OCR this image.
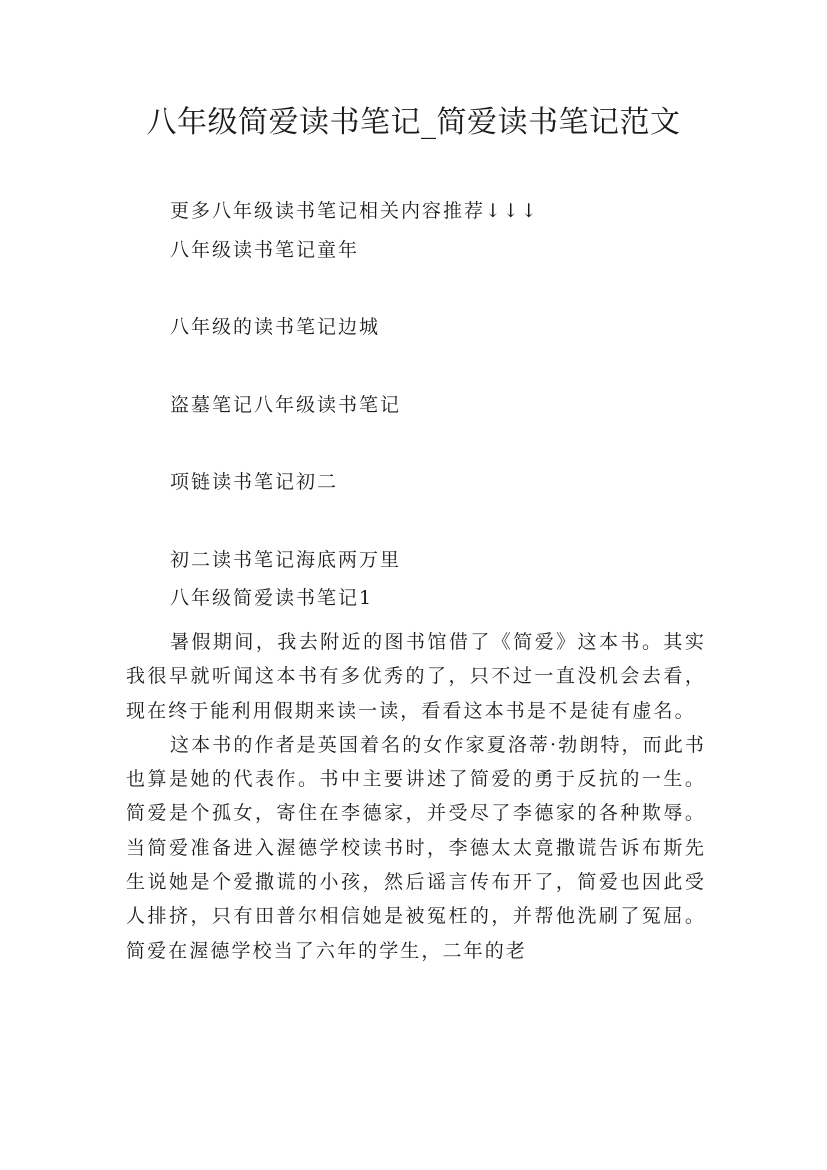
八年级简爱读书笔记_简爱读书笔记范文
更多八年级读书笔记相关内容推荐↓↓↓
八年级读书笔记童年
八年级的读书笔记边城
盗墓笔记八年级读书笔记
项链读书笔记初二
初二读书笔记海底两万里
八年级简爱读书笔记1

暑假期间，我去附近的图书馆借了《简爱》这本书。其实我很早就听闻这本书有多优秀的了，只不过一直没机会去看，现在终于能利用假期来读一读，看看这本书是不是徒有虚名。

这本书的作者是英国着名的女作家夏洛蒂·勃朗特，而此书也算是她的代表作。书中主要讲述了简爱的勇于反抗的一生。简爱是个孤女，寄住在李德家，并受尽了李德家的各种欺辱。当简爱准备进入渥德学校读书时，李德太太竟撒谎告诉布斯先生说她是个爱撒谎的小孩，然后谣言传布开了，简爱也因此受人排挤，只有田普尔相信她是被冤枉的，并帮他洗刷了冤屈。简爱在渥德学校当了六年的学生，二年的老
